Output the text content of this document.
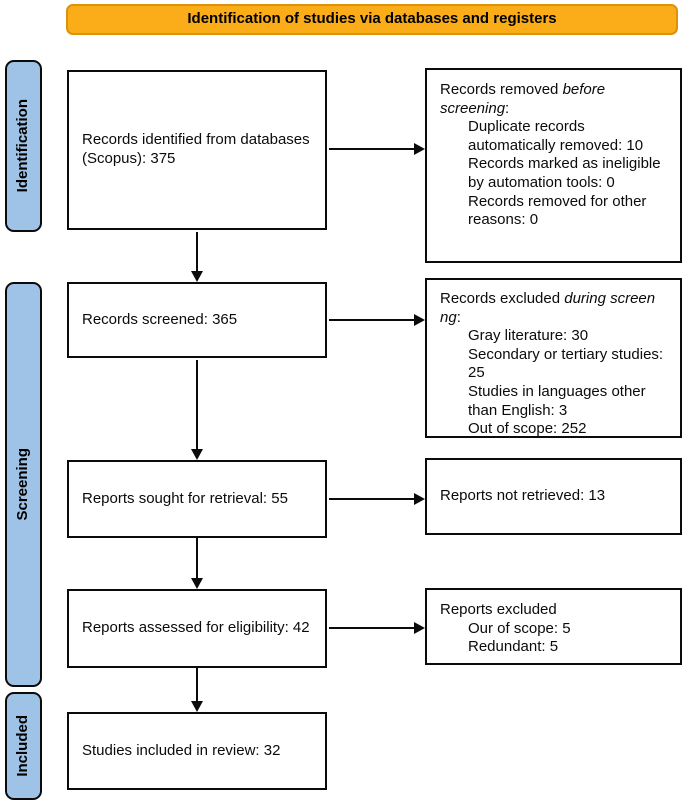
Identification of studies via databases and registers
Identification
Screening
Included
Records identified from databases (Scopus): 375
Records screened: 365
Reports sought for retrieval: 55
Reports assessed for eligibility: 42
Studies included in review: 32
Records removed before screening:
Duplicate records automatically removed: 10
Records marked as ineligible by automation tools: 0
Records removed for other reasons: 0
Records excluded during screen ng:
Gray literature: 30
Secondary or tertiary studies: 25
Studies in languages other than English: 3
Out of scope: 252
Reports not retrieved: 13
Reports excluded
Our of scope: 5
Redundant: 5
